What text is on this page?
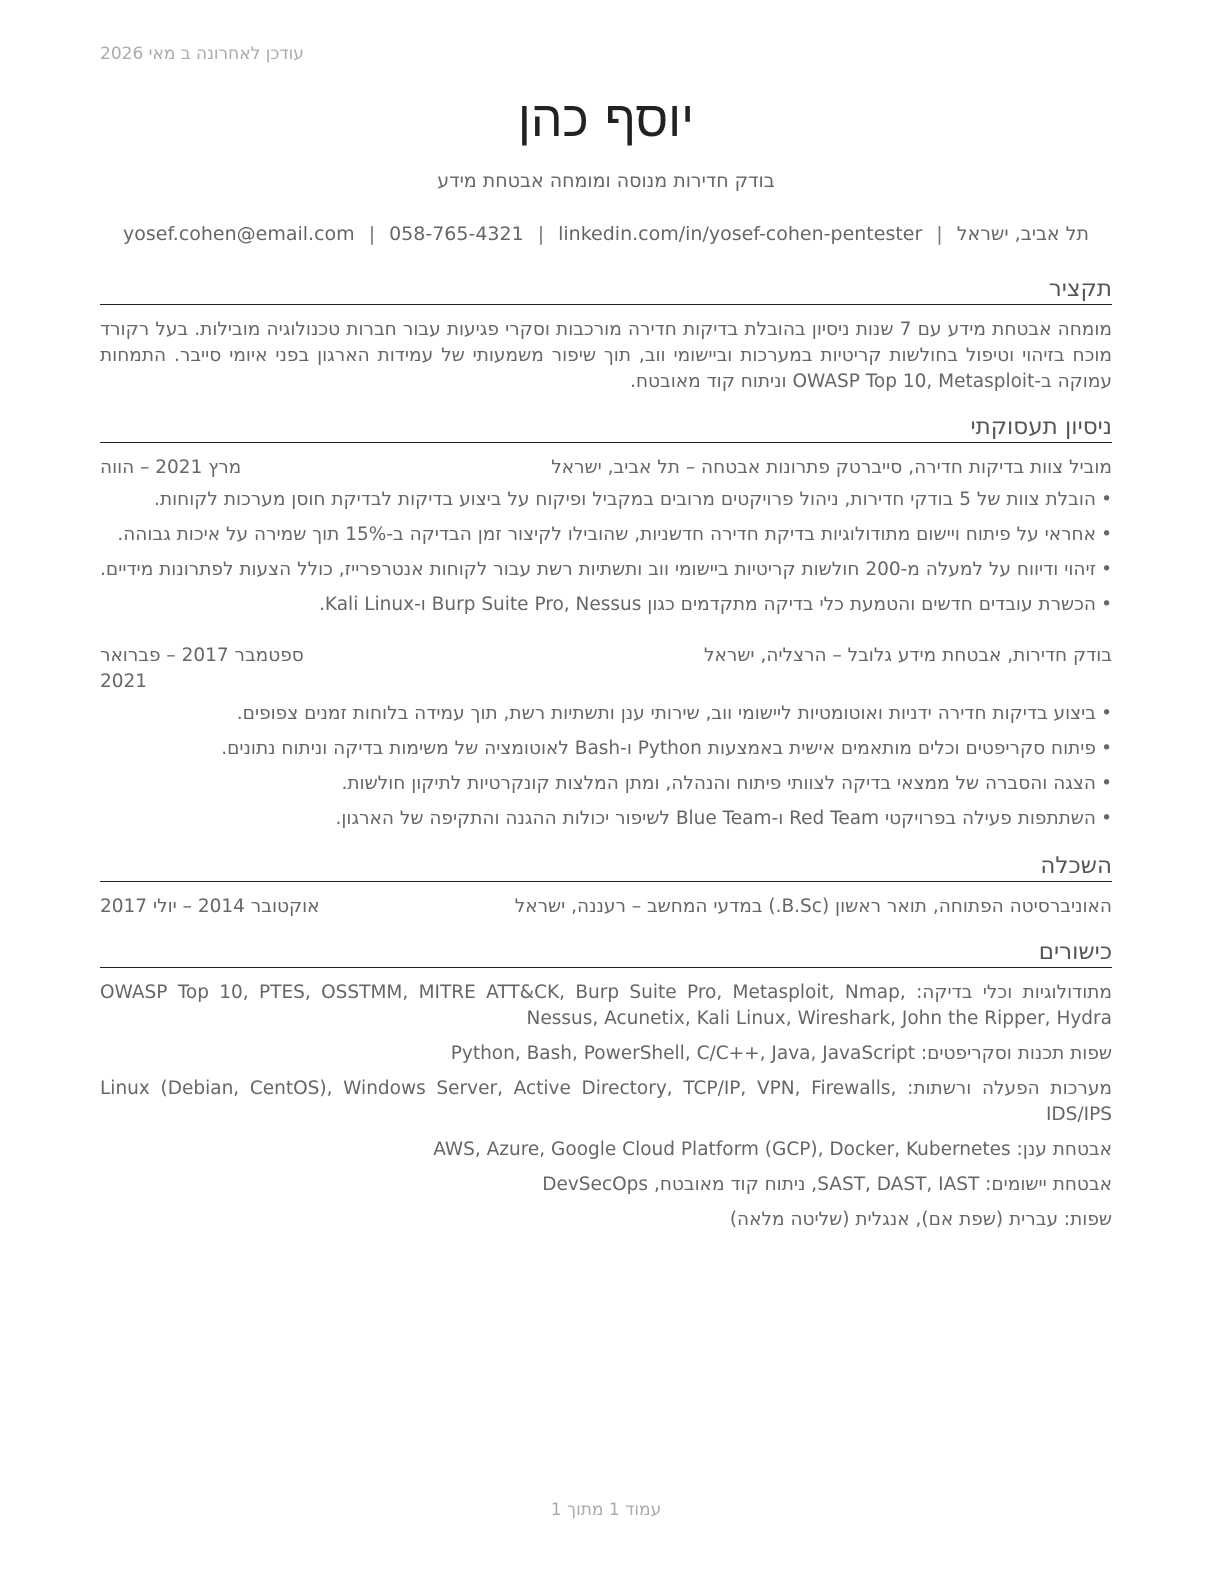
עודכן לאחרונה ב מאי 2026
יוסף כהן
בודק חדירות מנוסה ומומחה אבטחת מידע
תל אביב, ישראל|yosef.cohen@email.com | 058-765-4321 | linkedin.com/in/yosef-cohen-pentester
תקציר
מומחה אבטחת מידע עם 7 שנות ניסיון בהובלת בדיקות חדירה מורכבות וסקרי פגיעות עבור חברות טכנולוגיה מובילות. בעל רקורד מוכח בזיהוי וטיפול בחולשות קריטיות במערכות וביישומי ווב, תוך שיפור משמעותי של עמידות הארגון בפני איומי סייבר. התמחות עמוקה ב-OWASP Top 10, Metasploit וניתוח קוד מאובטח.
ניסיון תעסוקתי
מוביל צוות בדיקות חדירה, סייברטק פתרונות אבטחה – תל אביב, ישראל
מרץ 2021 – הווה
• הובלת צוות של 5 בודקי חדירות, ניהול פרויקטים מרובים במקביל ופיקוח על ביצוע בדיקות לבדיקת חוסן מערכות לקוחות.
• אחראי על פיתוח ויישום מתודולוגיות בדיקת חדירה חדשניות, שהובילו לקיצור זמן הבדיקה ב-15% תוך שמירה על איכות גבוהה.
• זיהוי ודיווח על למעלה מ-200 חולשות קריטיות ביישומי ווב ותשתיות רשת עבור לקוחות אנטרפרייז, כולל הצעות לפתרונות מידיים.
• הכשרת עובדים חדשים והטמעת כלי בדיקה מתקדמים כגון Burp Suite Pro, Nessus ו-Kali Linux.
בודק חדירות, אבטחת מידע גלובל – הרצליה, ישראל
ספטמבר 2017 – פברואר 2021
• ביצוע בדיקות חדירה ידניות ואוטומטיות ליישומי ווב, שירותי ענן ותשתיות רשת, תוך עמידה בלוחות זמנים צפופים.
• פיתוח סקריפטים וכלים מותאמים אישית באמצעות Python ו-Bash לאוטומציה של משימות בדיקה וניתוח נתונים.
• הצגה והסברה של ממצאי בדיקה לצוותי פיתוח והנהלה, ומתן המלצות קונקרטיות לתיקון חולשות.
• השתתפות פעילה בפרויקטי Red Team ו-Blue Team לשיפור יכולות ההגנה והתקיפה של הארגון.
השכלה
האוניברסיטה הפתוחה, תואר ראשון (B.Sc.) במדעי המחשב – רעננה, ישראל
אוקטובר 2014 – יולי 2017
כישורים
מתודולוגיות וכלי בדיקה: OWASP Top 10, PTES, OSSTMM, MITRE ATT&CK, Burp Suite Pro, Metasploit, Nmap, Nessus, Acunetix, Kali Linux, Wireshark, John the Ripper, Hydra
שפות תכנות וסקריפטים: Python, Bash, PowerShell, C/C++, Java, JavaScript
מערכות הפעלה ורשתות: Linux (Debian, CentOS), Windows Server, Active Directory, TCP/IP, VPN, Firewalls, IDS/IPS
אבטחת ענן: AWS, Azure, Google Cloud Platform (GCP), Docker, Kubernetes
אבטחת יישומים: SAST, DAST, IAST, ניתוח קוד מאובטח, DevSecOps
שפות: עברית (שפת אם), אנגלית (שליטה מלאה)
עמוד 1 מתוך 1
